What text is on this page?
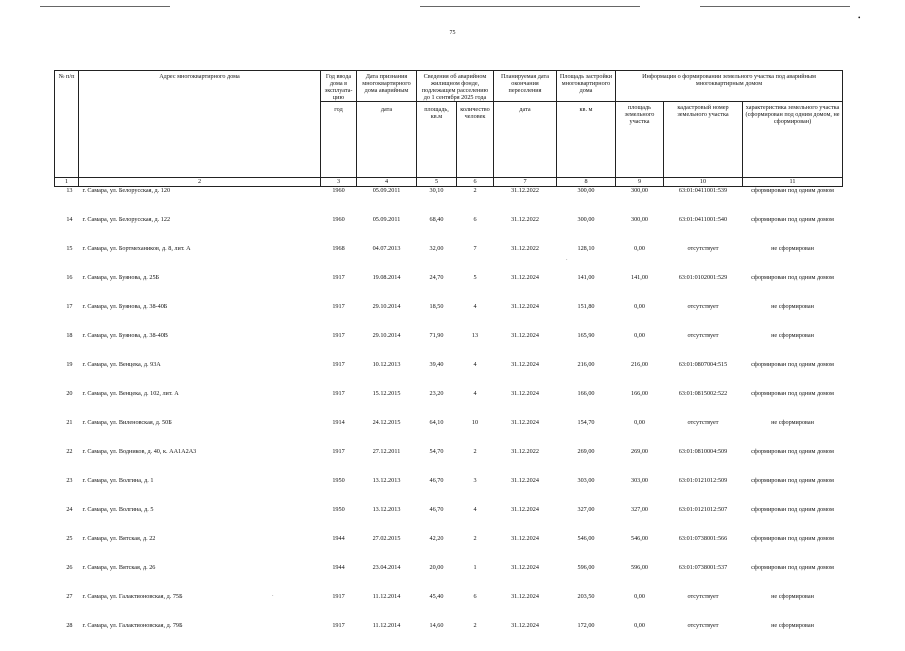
•
·
·
75
№ п/п	Адрес многоквартирного дома	Год ввода дома в эксплуата-цию	Дата признания многоквартирного дома аварийным	Сведения об аварийном жилищном фонде, подлежащем расселению до 1 сентября 2025 года		Планируемая дата окончания переселения	Площадь застройки многоквартирного дома	Информация о формировании земельного участка под аварийным многоквартирным домом		
								площадь земельного участка	кадастровый номер земельного участка	характеристика земельного участка (сформирован под одним домом, не сформирован)
		год	дата	площадь, кв.м	количество человек	дата	кв. м			
1	2	3	4	5	6	7	8	9	10	11
13	г. Самара, ул. Белорусская, д. 120	1960	05.09.2011	30,10	2	31.12.2022	300,00	300,00	63:01:0411001:539	сформирован под одним домом
14	г. Самара, ул. Белорусская, д. 122	1960	05.09.2011	68,40	6	31.12.2022	300,00	300,00	63:01:0411001:540	сформирован под одним домом
15	г. Самара, ул. Бортмехаников, д. 8, лит. А	1968	04.07.2013	32,00	7	31.12.2022	128,10	0,00	отсутствует	не сформирован
16	г. Самара, ул. Буянова, д. 25Б	1917	19.08.2014	24,70	5	31.12.2024	141,00	141,00	63:01:0102001:529	сформирован под одним домом
17	г. Самара, ул. Буянова, д. 38-40Б	1917	29.10.2014	18,50	4	31.12.2024	151,80	0,00	отсутствует	не сформирован
18	г. Самара, ул. Буянова, д. 38-40В	1917	29.10.2014	71,90	13	31.12.2024	165,90	0,00	отсутствует	не сформирован
19	г. Самара, ул. Венцека, д. 93А	1917	10.12.2013	39,40	4	31.12.2024	216,00	216,00	63:01:0807004:515	сформирован под одним домом
20	г. Самара, ул. Венцека, д. 102, лит. А	1917	15.12.2015	23,20	4	31.12.2024	166,00	166,00	63:01:0815002:522	сформирован под одним домом
21	г. Самара, ул. Виленовская, д. 50Б	1914	24.12.2015	64,10	10	31.12.2024	154,70	0,00	отсутствует	не сформирован
22	г. Самара, ул. Водников, д. 40, к. АА1А2А3	1917	27.12.2011	54,70	2	31.12.2022	269,00	269,00	63:01:0810004:509	сформирован под одним домом
23	г. Самара, ул. Волгина, д. 1	1950	13.12.2013	46,70	3	31.12.2024	303,00	303,00	63:01:0121012:509	сформирован под одним домом
24	г. Самара, ул. Волгина, д. 5	1950	13.12.2013	46,70	4	31.12.2024	327,00	327,00	63:01:0121012:507	сформирован под одним домом
25	г. Самара, ул. Вятская, д. 22	1944	27.02.2015	42,20	2	31.12.2024	546,00	546,00	63:01:0738001:566	сформирован под одним домом
26	г. Самара, ул. Вятская, д. 26	1944	23.04.2014	20,00	1	31.12.2024	596,00	596,00	63:01:0738001:537	сформирован под одним домом
27	г. Самара, ул. Галактионовская, д. 75Б	1917	11.12.2014	45,40	6	31.12.2024	203,50	0,00	отсутствует	не сформирован
28	г. Самара, ул. Галактионовская, д. 79Б	1917	11.12.2014	14,60	2	31.12.2024	172,00	0,00	отсутствует	не сформирован
